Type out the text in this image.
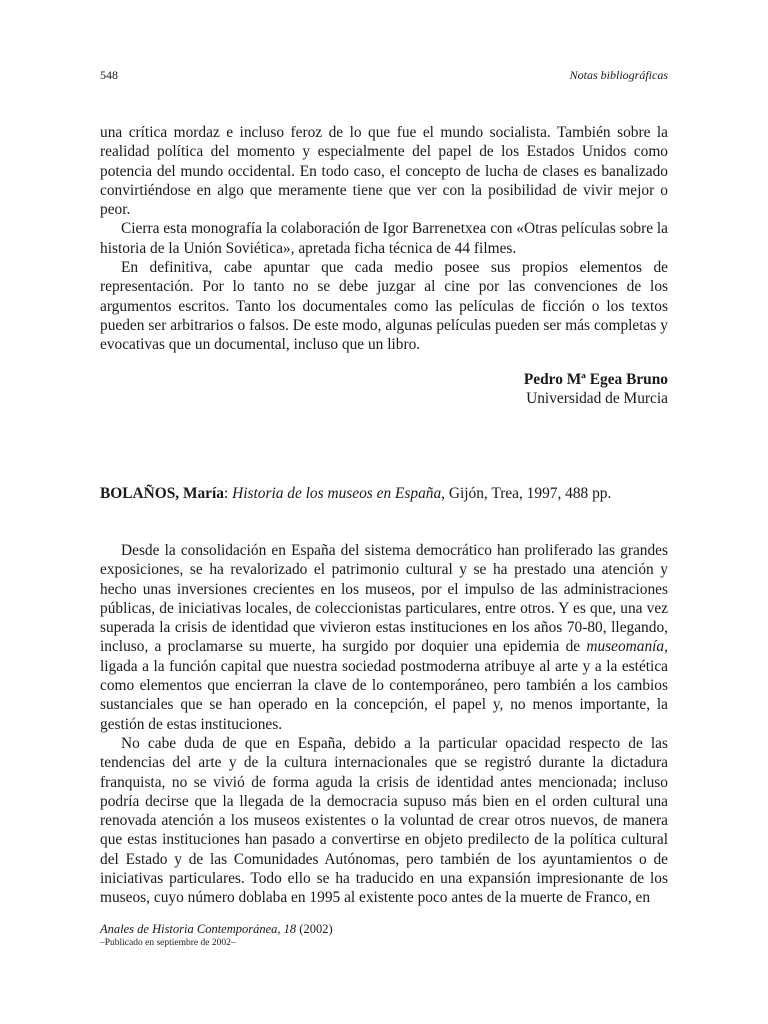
548	Notas bibliográficas

una crítica mordaz e incluso feroz de lo que fue el mundo socialista. También sobre la realidad política del momento y especialmente del papel de los Estados Unidos como potencia del mundo occidental. En todo caso, el concepto de lucha de clases es banalizado convirtiéndose en algo que meramente tiene que ver con la posibilidad de vivir mejor o peor.

Cierra esta monografía la colaboración de Igor Barrenetxea con «Otras películas sobre la historia de la Unión Soviética», apretada ficha técnica de 44 filmes.

En definitiva, cabe apuntar que cada medio posee sus propios elementos de representación. Por lo tanto no se debe juzgar al cine por las convenciones de los argumentos escritos. Tanto los documentales como las películas de ficción o los textos pueden ser arbitrarios o falsos. De este modo, algunas películas pueden ser más completas y evocativas que un documental, incluso que un libro.

Pedro Mª Egea Bruno
Universidad de Murcia
BOLAÑOS, María: Historia de los museos en España, Gijón, Trea, 1997, 488 pp.

Desde la consolidación en España del sistema democrático han proliferado las grandes exposiciones, se ha revalorizado el patrimonio cultural y se ha prestado una atención y hecho unas inversiones crecientes en los museos, por el impulso de las administraciones públicas, de iniciativas locales, de coleccionistas particulares, entre otros. Y es que, una vez superada la crisis de identidad que vivieron estas instituciones en los años 70-80, llegando, incluso, a proclamarse su muerte, ha surgido por doquier una epidemia de museomanía, ligada a la función capital que nuestra sociedad postmoderna atribuye al arte y a la estética como elementos que encierran la clave de lo contemporáneo, pero también a los cambios sustanciales que se han operado en la concepción, el papel y, no menos importante, la gestión de estas instituciones.

No cabe duda de que en España, debido a la particular opacidad respecto de las tendencias del arte y de la cultura internacionales que se registró durante la dictadura franquista, no se vivió de forma aguda la crisis de identidad antes mencionada; incluso podría decirse que la llegada de la democracia supuso más bien en el orden cultural una renovada atención a los museos existentes o la voluntad de crear otros nuevos, de manera que estas instituciones han pasado a convertirse en objeto predilecto de la política cultural del Estado y de las Comunidades Autónomas, pero también de los ayuntamientos o de iniciativas particulares. Todo ello se ha traducido en una expansión impresionante de los museos, cuyo número doblaba en 1995 al existente poco antes de la muerte de Franco, en

Anales de Historia Contemporánea, 18 (2002)
–Publicado en septiembre de 2002–
